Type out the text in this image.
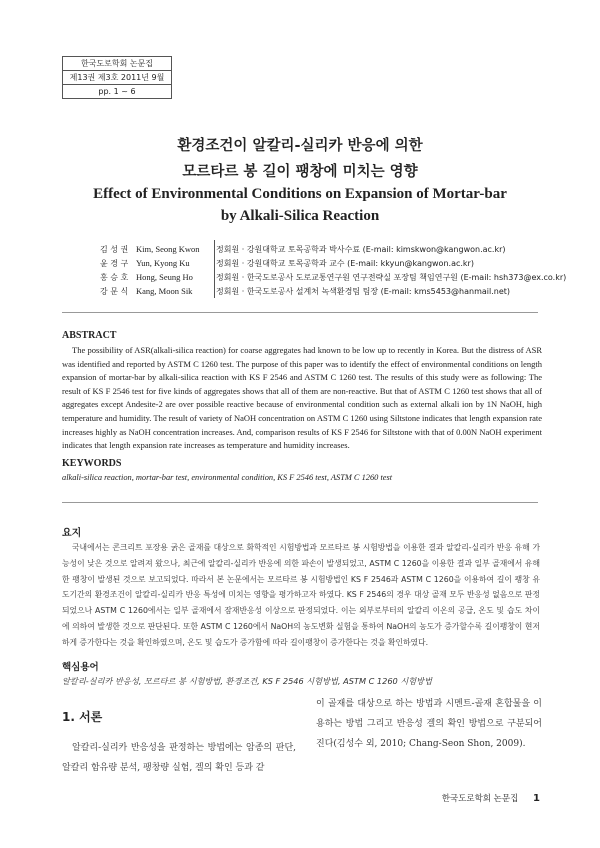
한국도로학회 논문집
제13권 제3호 2011년 9월
pp. 1 ~ 6
환경조건이 알칼리-실리카 반응에 의한
모르타르 봉 길이 팽창에 미치는 영향
Effect of Environmental Conditions on Expansion of Mortar-bar
by Alkali-Silica Reaction
김 성 권 Kim, Seong Kwon	정회원 · 강원대학교 토목공학과 박사수료 (E-mail: kimskwon@kangwon.ac.kr)
윤 경 구 Yun, Kyong Ku	정회원 · 강원대학교 토목공학과 교수 (E-mail: kkyun@kangwon.ac.kr)
홍 승 호 Hong, Seung Ho	정회원 · 한국도로공사 도로교통연구원 연구전략실 포장팀 책임연구원 (E-mail: hsh373@ex.co.kr)
강 문 식 Kang, Moon Sik	정회원 · 한국도로공사 설계처 녹색환경팀 팀장 (E-mail: kms5453@hanmail.net)
ABSTRACT
The possibility of ASR(alkali-silica reaction) for coarse aggregates had known to be low up to recently in Korea. But the distress of ASR was identified and reported by ASTM C 1260 test. The purpose of this paper was to identify the effect of environmental conditions on length expansion of mortar-bar by alkali-silica reaction with KS F 2546 and ASTM C 1260 test. The results of this study were as following: The result of KS F 2546 test for five kinds of aggregates shows that all of them are non-reactive. But that of ASTM C 1260 test shows that all of aggregates except Andesite-2 are over possible reactive because of environmental condition such as external alkali ion by 1N NaOH, high temperature and humidity. The result of variety of NaOH concentration on ASTM C 1260 using Siltstone indicates that length expansion rate increases highly as NaOH concentration increases. And, comparison results of KS F 2546 for Siltstone with that of 0.00N NaOH experiment indicates that length expansion rate increases as temperature and humidity increases.
KEYWORDS
alkali-silica reaction, mortar-bar test, environmental condition, KS F 2546 test, ASTM C 1260 test
요지
국내에서는 콘크리트 포장용 굵은 골재를 대상으로 화학적인 시험방법과 모르타르 봉 시험방법을 이용한 결과 알칼리-실리카 반응 유해 가능성이 낮은 것으로 알려져 왔으나, 최근에 알칼리-실리카 반응에 의한 파손이 발생되었고, ASTM C 1260을 이용한 결과 일부 골재에서 유해한 팽창이 발생된 것으로 보고되었다. 따라서 본 논문에서는 모르타르 봉 시험방법인 KS F 2546과 ASTM C 1260을 이용하여 길이 팽창 유도기간의 환경조건이 알칼리-실리카 반응 특성에 미치는 영향을 평가하고자 하였다. KS F 2546의 경우 대상 골재 모두 반응성 없음으로 판정되었으나 ASTM C 1260에서는 일부 골재에서 잠재반응성 이상으로 판정되었다. 이는 외부로부터의 알칼리 이온의 공급, 온도 및 습도 차이에 의하여 발생한 것으로 판단된다. 또한 ASTM C 1260에서 NaOH의 농도변화 실험을 통하여 NaOH의 농도가 증가할수록 길이팽창이 현저하게 증가한다는 것을 확인하였으며, 온도 및 습도가 증가함에 따라 길이팽창이 증가한다는 것을 확인하였다.
핵심용어
알칼리-실리카 반응성, 모르타르 봉 시험방법, 환경조건, KS F 2546 시험방법, ASTM C 1260 시험방법
1. 서론
알칼리-실리카 반응성을 판정하는 방법에는 암종의 판단, 알칼리 함유량 분석, 팽창량 실험, 겔의 확인 등과 같
이 골재를 대상으로 하는 방법과 시멘트-골재 혼합물을 이용하는 방법 그리고 반응성 겔의 확인 방법으로 구분되어진다(김성수 외, 2010; Chang-Seon Shon, 2009).
한국도로학회 논문집 1
